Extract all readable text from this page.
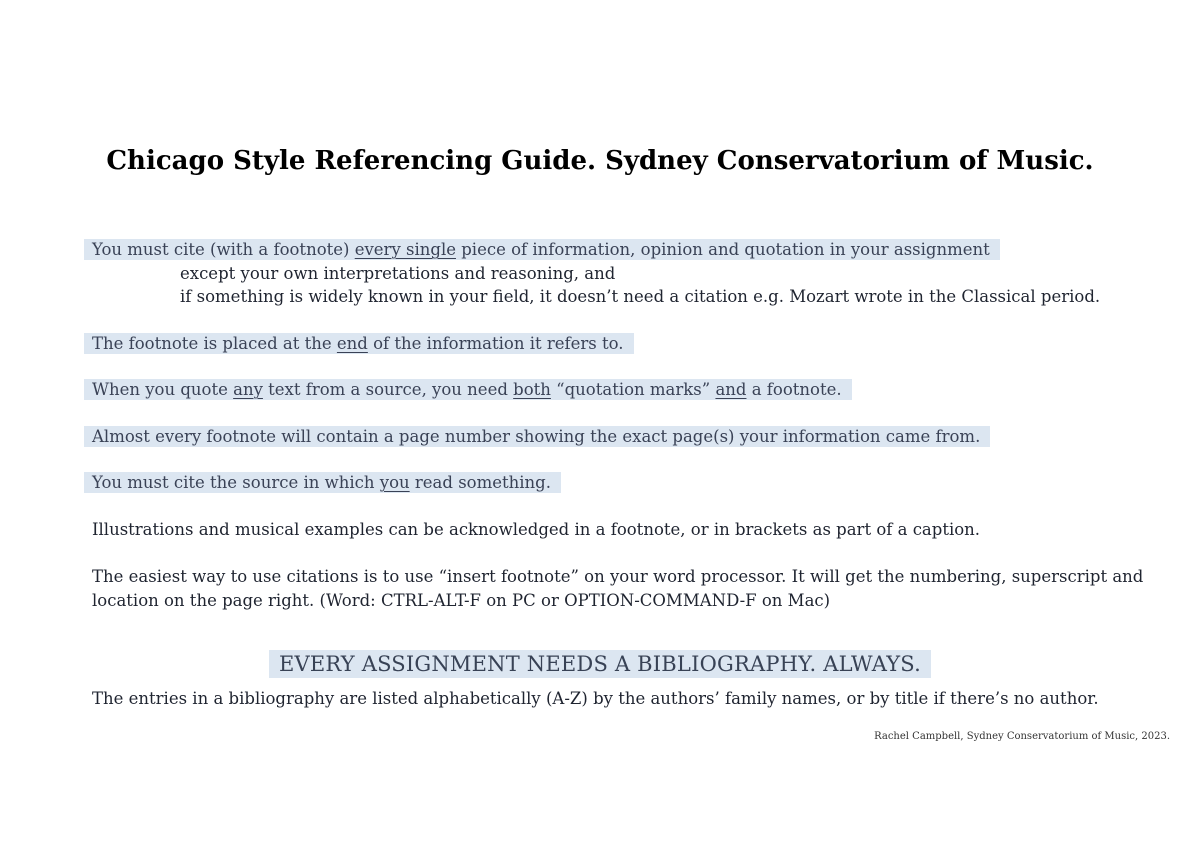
Chicago Style Referencing Guide. Sydney Conservatorium of Music.
You must cite (with a footnote) every single piece of information, opinion and quotation in your assignment
except your own interpretations and reasoning, and
if something is widely known in your field, it doesn’t need a citation e.g. Mozart wrote in the Classical period.
The footnote is placed at the end of the information it refers to.
When you quote any text from a source, you need both “quotation marks” and a footnote.
Almost every footnote will contain a page number showing the exact page(s) your information came from.
You must cite the source in which you read something.
Illustrations and musical examples can be acknowledged in a footnote, or in brackets as part of a caption.
The easiest way to use citations is to use “insert footnote” on your word processor. It will get the numbering, superscript and
location on the page right. (Word: CTRL-ALT-F on PC or OPTION-COMMAND-F on Mac)
EVERY ASSIGNMENT NEEDS A BIBLIOGRAPHY. ALWAYS.
The entries in a bibliography are listed alphabetically (A-Z) by the authors’ family names, or by title if there’s no author.
Rachel Campbell, Sydney Conservatorium of Music, 2023.
